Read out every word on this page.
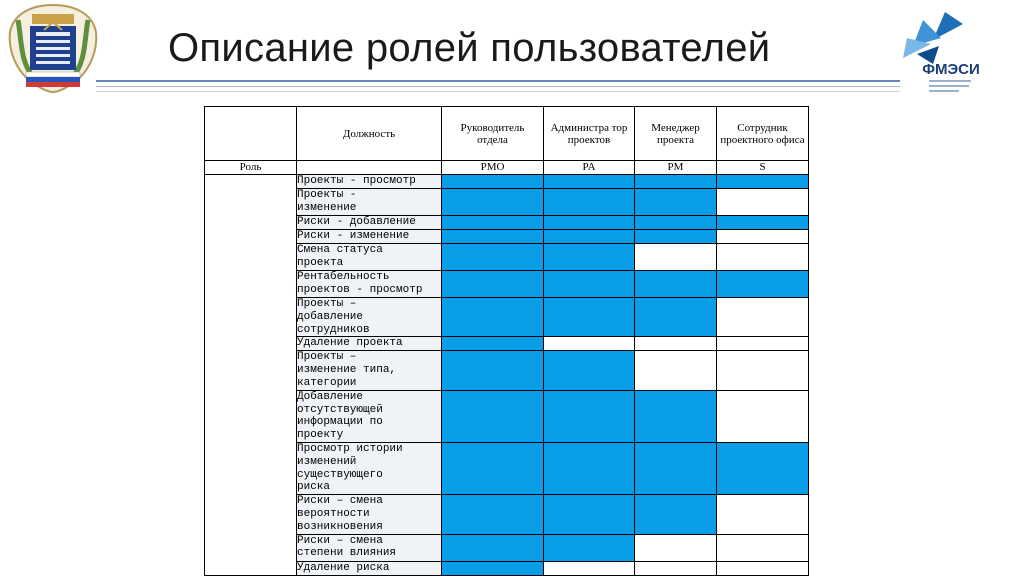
ФМЭСИ
Описание ролей пользователей
	Должность	Руководитель отдела	Администра тор проектов	Менеджер проекта	Сотрудник проектного офиса
Роль		PMO	PA	PM	S
	Проекты - просмотр				
	Проекты -
изменение				
	Риски - добавление				
	Риски - изменение				
	Смена статуса
проекта				
	Рентабельность
проектов - просмотр				
	Проекты –
добавление
сотрудников				
	Удаление проекта				
	Проекты –
изменение типа,
категории				
	Добавление
отсутствующей
информации по
проекту				
	Просмотр истории
изменений
существующего
риска				
	Риски – смена
вероятности
возникновения				
	Риски – смена
степени влияния				
	Удаление риска				
